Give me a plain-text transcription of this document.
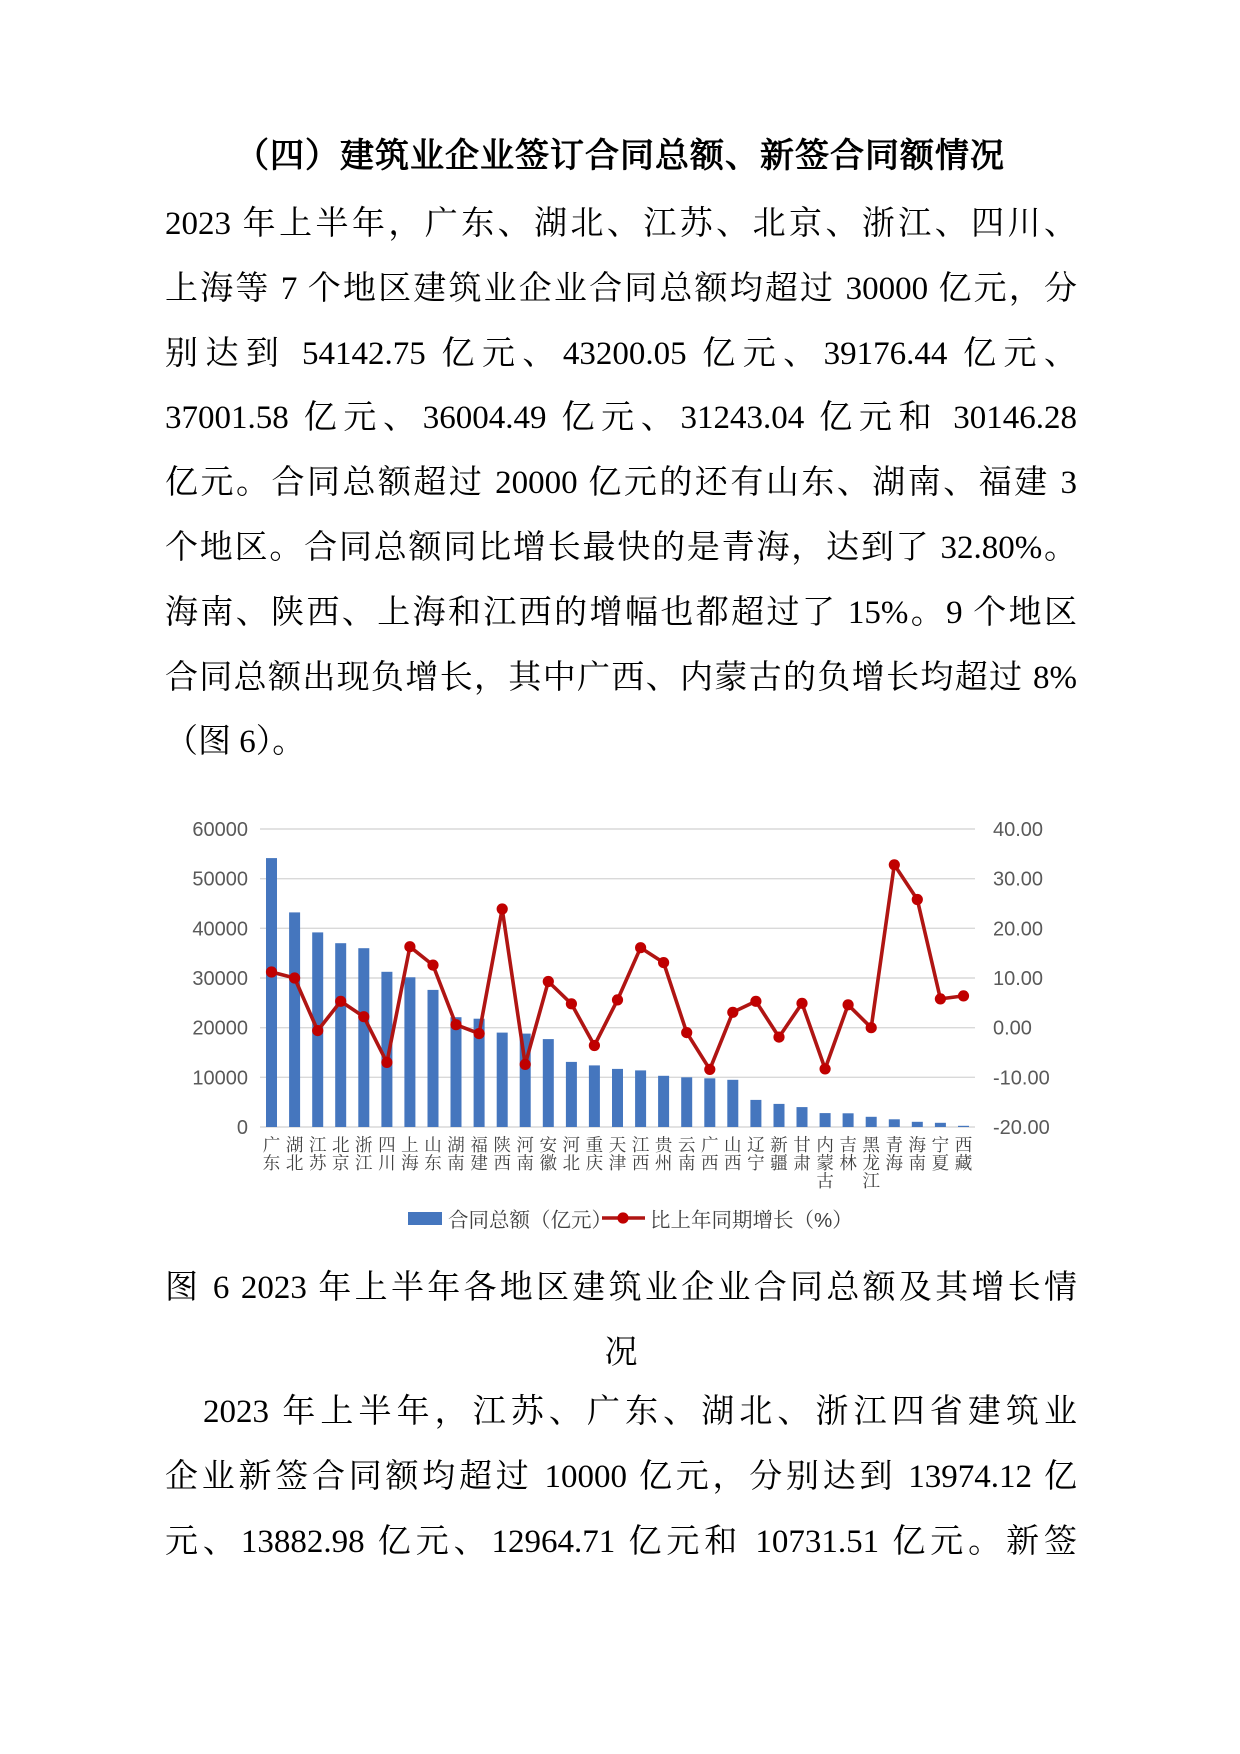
（四）建筑业企业签订合同总额、新签合同额情况
2023 年上半年，广东、湖北、江苏、北京、浙江、四川、
上海等 7 个地区建筑业企业合同总额均超过 30000 亿元，分
别达到 54142.75 亿元、43200.05 亿元、39176.44 亿元、
37001.58 亿元、36004.49 亿元、31243.04 亿元和 30146.28
亿元。合同总额超过 20000 亿元的还有山东、湖南、福建 3
个地区。合同总额同比增长最快的是青海，达到了 32.80%。
海南、陕西、上海和江西的增幅也都超过了 15%。9 个地区
合同总额出现负增长，其中广西、内蒙古的负增长均超过 8%
（图 6）。
0
10000
20000
30000
40000
50000
60000
-20.00
-10.00
0.00
10.00
20.00
30.00
40.00
广东
湖北
江苏
北京
浙江
四川
上海
山东
湖南
福建
陕西
河南
安徽
河北
重庆
天津
江西
贵州
云南
广西
山西
辽宁
新疆
甘肃
内蒙古
吉林
黑龙江
青海
海南
宁夏
西藏
合同总额（亿元） 比上年同期增长（%）
图 6 2023 年上半年各地区建筑业企业合同总额及其增长情
况
2023 年上半年，江苏、广东、湖北、浙江四省建筑业
企业新签合同额均超过 10000 亿元，分别达到 13974.12 亿
元、13882.98 亿元、12964.71 亿元和 10731.51 亿元。新签
